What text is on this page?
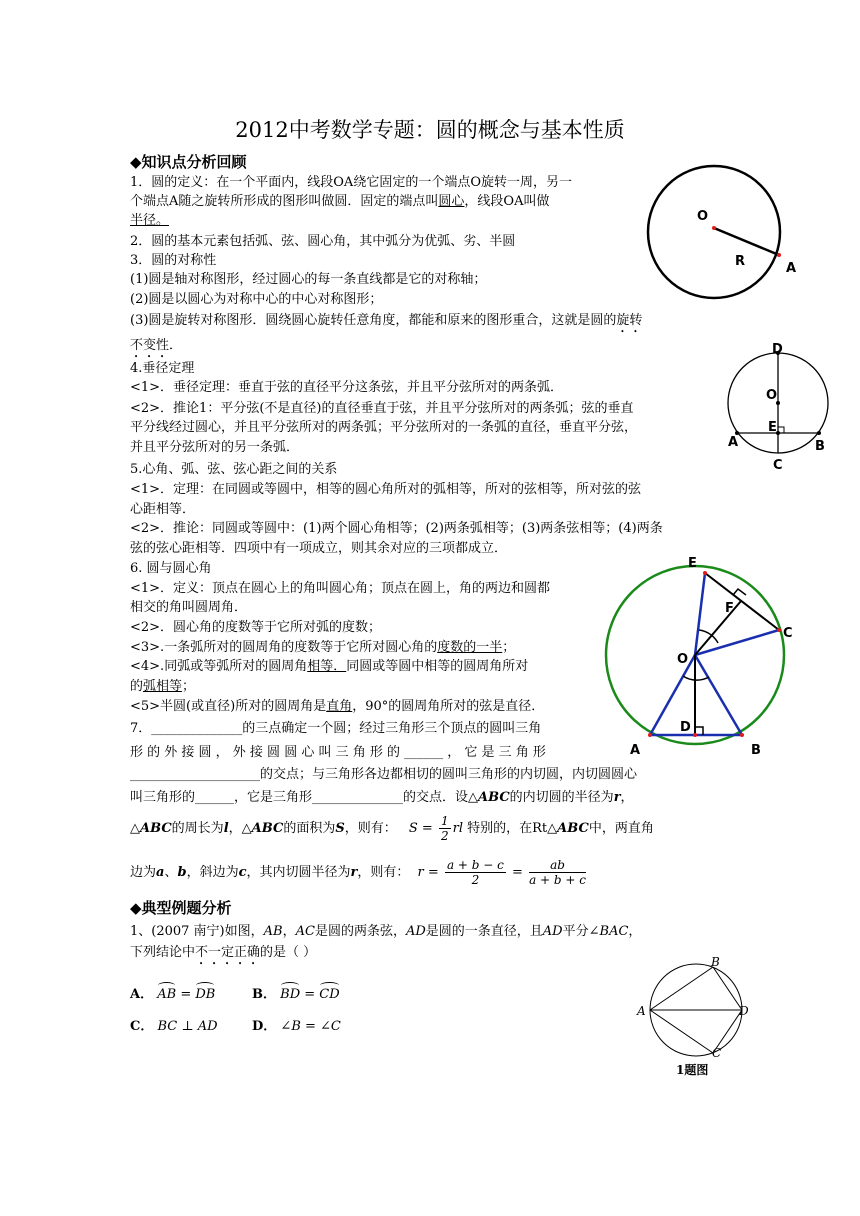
2012中考数学专题：圆的概念与基本性质
◆知识点分析回顾
1．圆的定义：在一个平面内，线段OA绕它固定的一个端点O旋转一周，另一
个端点A随之旋转所形成的图形叫做圆．固定的端点叫圆心，线段OA叫做
半径。
2．圆的基本元素包括弧、弦、圆心角，其中弧分为优弧、劣、半圆
3．圆的对称性
(1)圆是轴对称图形，经过圆心的每一条直线都是它的对称轴；
(2)圆是以圆心为对称中心的中心对称图形；
(3)圆是旋转对称图形．圆绕圆心旋转任意角度，都能和原来的图形重合，这就是圆的旋转
不变性．
4.垂径定理
<1>．垂径定理：垂直于弦的直径平分这条弦，并且平分弦所对的两条弧．
<2>．推论1：平分弦(不是直径)的直径垂直于弦，并且平分弦所对的两条弧；弦的垂直
平分线经过圆心，并且平分弦所对的两条弧；平分弦所对的一条弧的直径，垂直平分弦，
并且平分弦所对的另一条弧．
5.心角、弧、弦、弦心距之间的关系
<1>．定理：在同圆或等圆中，相等的圆心角所对的弧相等，所对的弦相等，所对弦的弦
心距相等．
<2>．推论：同圆或等圆中：(1)两个圆心角相等；(2)两条弧相等；(3)两条弦相等；(4)两条
弦的弦心距相等．四项中有一项成立，则其余对应的三项都成立．
6. 圆与圆心角
<1>．定义：顶点在圆心上的角叫圆心角；顶点在圆上，角的两边和圆都
相交的角叫圆周角．
<2>．圆心角的度数等于它所对弧的度数；
<3>.一条弧所对的圆周角的度数等于它所对圆心角的度数的一半；
<4>.同弧或等弧所对的圆周角相等．同圆或等圆中相等的圆周角所对
的弧相等；
<5>半圆(或直径)所对的圆周角是直角，90°的圆周角所对的弦是直径．
7．______________的三点确定一个圆；经过三角形三个顶点的圆叫三角
形 的 外 接 圆 ， 外 接 圆 圆 心 叫 三 角 形 的 ______ ， 它 是 三 角 形
____________________的交点；与三角形各边都相切的圆叫三角形的内切圆，内切圆圆心
叫三角形的______，它是三角形______________的交点．设△ABC的内切圆的半径为r，
△ABC的周长为l，△ABC的面积为S，则有： $S = \frac{1}{2}$ rl 特别的，在Rt△ABC中，两直角
边为a、b，斜边为c，其内切圆半径为r，则有： $r = \frac{a + b - c}{2} = \frac{ab}{a + b + c}$
◆典型例题分析
1、(2007 南宁)如图，AB，AC是圆的两条弦，AD是圆的一条直径，且AD平分∠BAC，
下列结论中不一定正确的是（ ）
A． AB = DB	B． BD = CD
C． BC ⊥ AD	D． ∠B = ∠C
O
R	A
D
O
E
A	B
C
E
F
C
O
D
A	B
B
A	D
C
1题图
